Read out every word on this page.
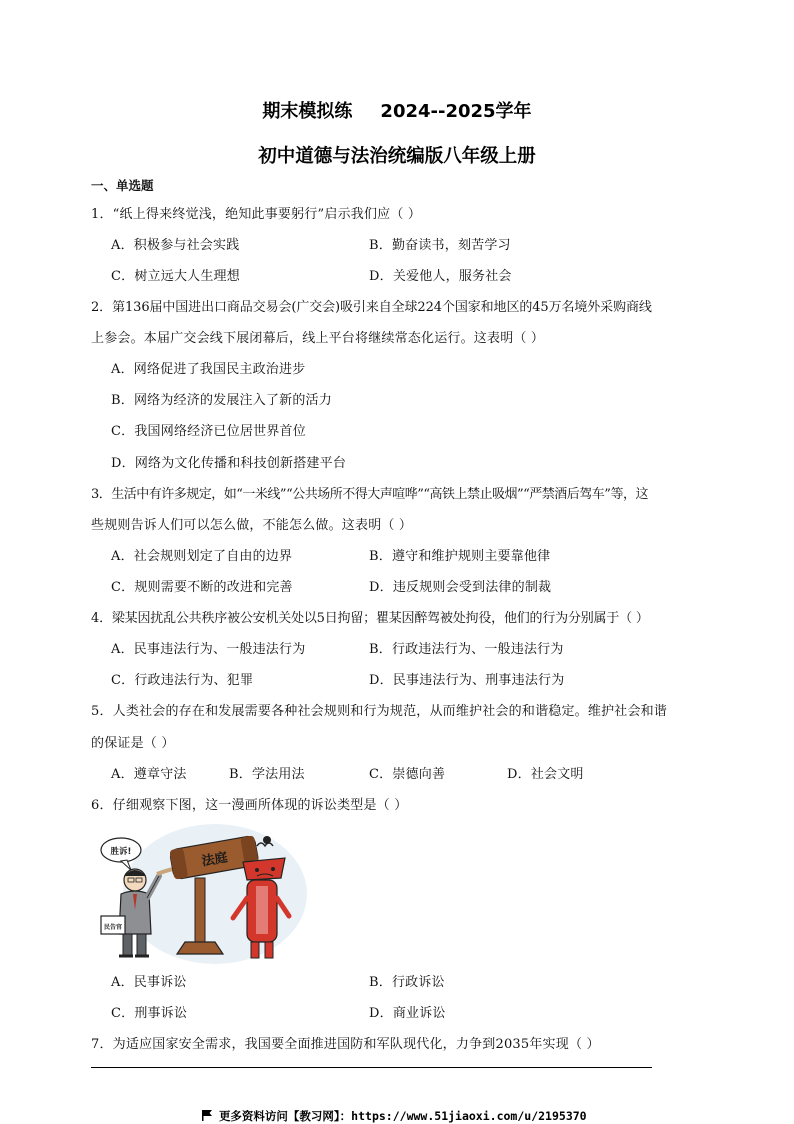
期末模拟练 2024--2025学年
初中道德与法治统编版八年级上册
一、单选题
1．“纸上得来终觉浅，绝知此事要躬行”启示我们应（ ）
A．积极参与社会实践	B．勤奋读书，刻苦学习
C．树立远大人生理想	D．关爱他人，服务社会
2．第136届中国进出口商品交易会(广交会)吸引来自全球224个国家和地区的45万名境外采购商线
上参会。本届广交会线下展闭幕后，线上平台将继续常态化运行。这表明（ ）
A．网络促进了我国民主政治进步
B．网络为经济的发展注入了新的活力
C．我国网络经济已位居世界首位
D．网络为文化传播和科技创新搭建平台
3．生活中有许多规定，如“一米线”“公共场所不得大声喧哗”“高铁上禁止吸烟”“严禁酒后驾车”等，这
些规则告诉人们可以怎么做，不能怎么做。这表明（ ）
A．社会规则划定了自由的边界	B．遵守和维护规则主要靠他律
C．规则需要不断的改进和完善	D．违反规则会受到法律的制裁
4．梁某因扰乱公共秩序被公安机关处以5日拘留；瞿某因醉驾被处拘役，他们的行为分别属于（ ）
A．民事违法行为、一般违法行为	B．行政违法行为、一般违法行为
C．行政违法行为、犯罪	D．民事违法行为、刑事违法行为
5．人类社会的存在和发展需要各种社会规则和行为规范，从而维护社会的和谐稳定。维护社会和谐
的保证是（ ）
A．遵章守法	B．学法用法	C．崇德向善	D．社会文明
6．仔细观察下图，这一漫画所体现的诉讼类型是（ ）
胜诉!
民告官
法庭
A．民事诉讼	B．行政诉讼
C．刑事诉讼	D．商业诉讼
7．为适应国家安全需求，我国要全面推进国防和军队现代化，力争到2035年实现（ ）
更多资料访问【教习网】：https://www.51jiaoxi.com/u/2195370
